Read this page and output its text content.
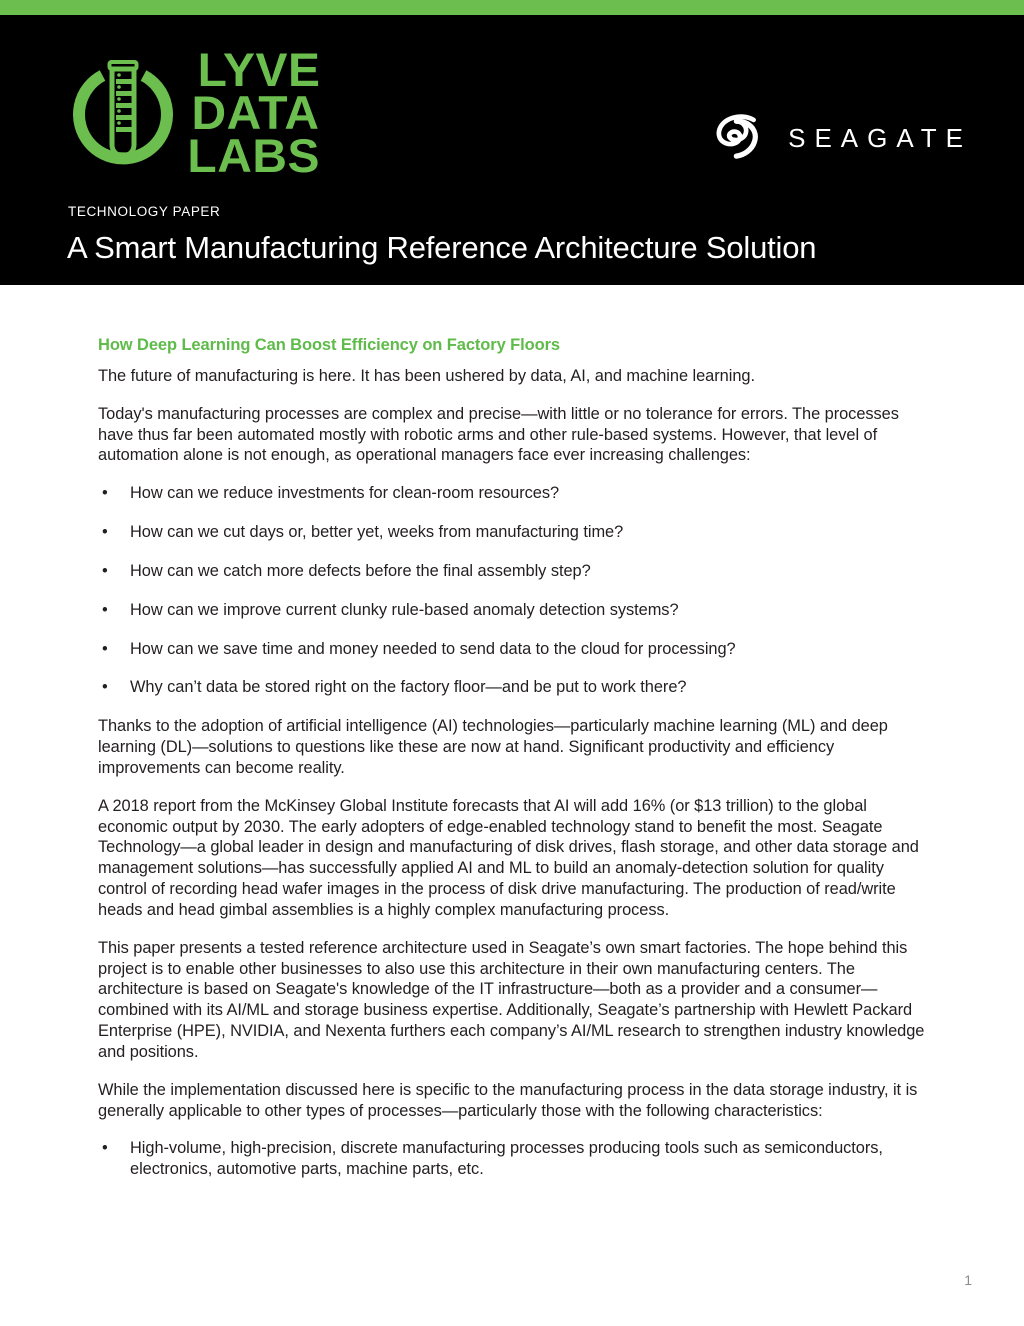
LYVE
DATA
LABS	SEAGATE
TECHNOLOGY PAPER
A Smart Manufacturing Reference Architecture Solution
How Deep Learning Can Boost Efficiency on Factory Floors

The future of manufacturing is here. It has been ushered by data, AI, and machine learning.

Today's manufacturing processes are complex and precise—with little or no tolerance for errors. The processes have thus far been automated mostly with robotic arms and other rule-based systems. However, that level of automation alone is not enough, as operational managers face ever increasing challenges:

• How can we reduce investments for clean-room resources?
• How can we cut days or, better yet, weeks from manufacturing time?
• How can we catch more defects before the final assembly step?
• How can we improve current clunky rule-based anomaly detection systems?
• How can we save time and money needed to send data to the cloud for processing?
• Why can’t data be stored right on the factory floor—and be put to work there?

Thanks to the adoption of artificial intelligence (AI) technologies—particularly machine learning (ML) and deep learning (DL)—solutions to questions like these are now at hand. Significant productivity and efficiency improvements can become reality.

A 2018 report from the McKinsey Global Institute forecasts that AI will add 16% (or $13 trillion) to the global economic output by 2030. The early adopters of edge-enabled technology stand to benefit the most. Seagate Technology—a global leader in design and manufacturing of disk drives, flash storage, and other data storage and management solutions—has successfully applied AI and ML to build an anomaly-detection solution for quality control of recording head wafer images in the process of disk drive manufacturing. The production of read/write heads and head gimbal assemblies is a highly complex manufacturing process.

This paper presents a tested reference architecture used in Seagate’s own smart factories. The hope behind this project is to enable other businesses to also use this architecture in their own manufacturing centers. The architecture is based on Seagate's knowledge of the IT infrastructure—both as a provider and a consumer—combined with its AI/ML and storage business expertise. Additionally, Seagate’s partnership with Hewlett Packard Enterprise (HPE), NVIDIA, and Nexenta furthers each company’s AI/ML research to strengthen industry knowledge and positions.

While the implementation discussed here is specific to the manufacturing process in the data storage industry, it is generally applicable to other types of processes—particularly those with the following characteristics:

• High-volume, high-precision, discrete manufacturing processes producing tools such as semiconductors, electronics, automotive parts, machine parts, etc.
1
